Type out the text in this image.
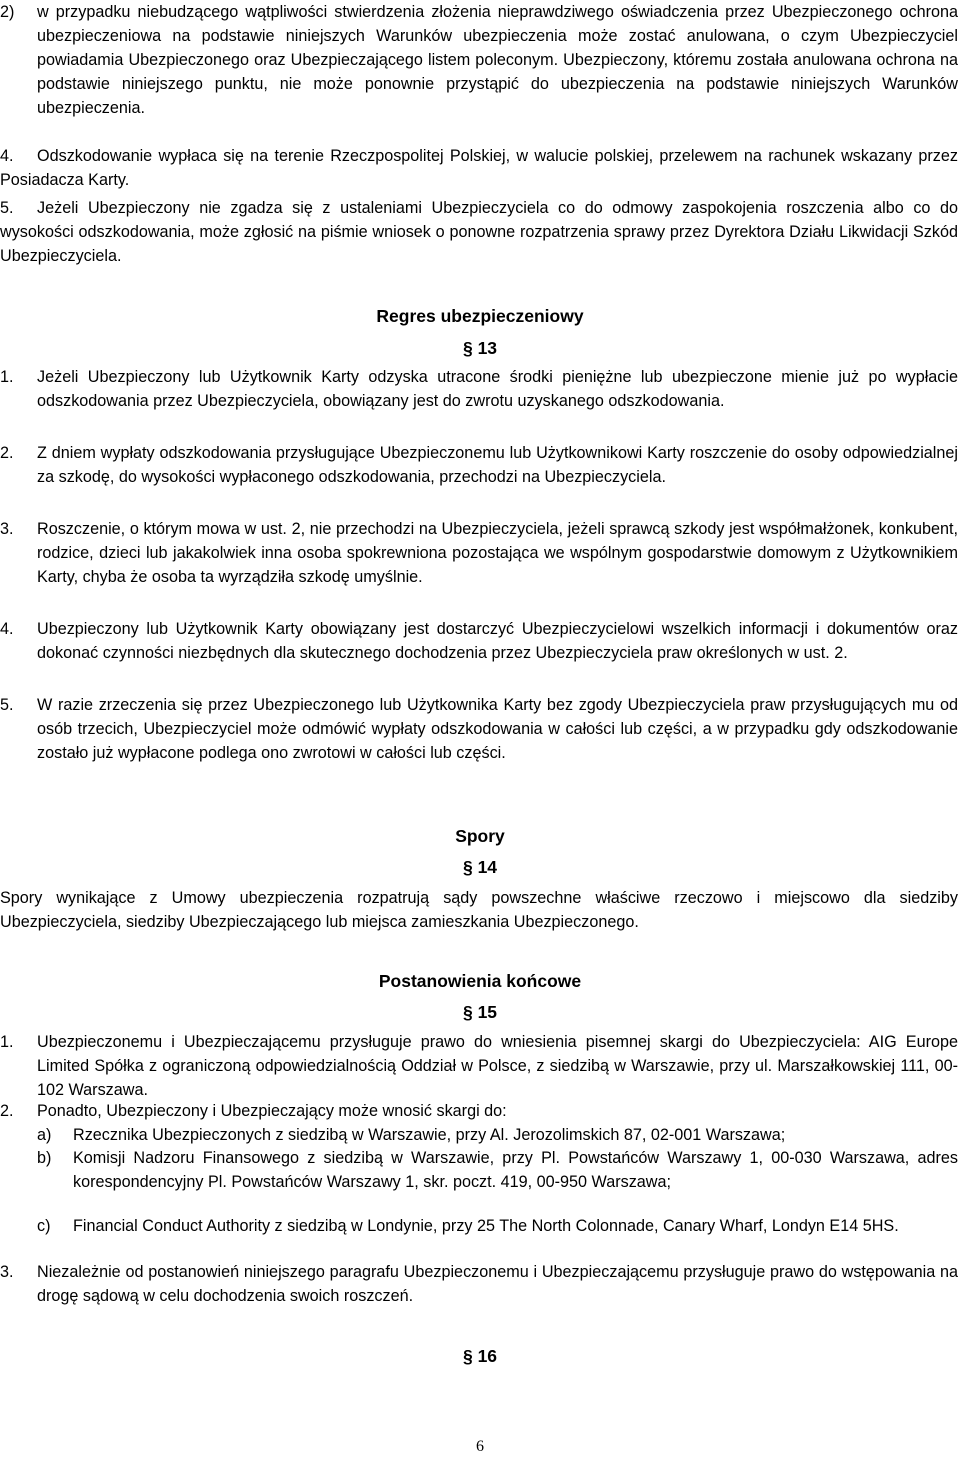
2)	w przypadku niebudzącego wątpliwości stwierdzenia złożenia nieprawdziwego oświadczenia przez Ubezpieczonego ochrona ubezpieczeniowa na podstawie niniejszych Warunków ubezpieczenia może zostać anulowana, o czym Ubezpieczyciel powiadamia Ubezpieczonego oraz Ubezpieczającego listem poleconym. Ubezpieczony, któremu została anulowana ochrona na podstawie niniejszego punktu, nie może ponownie przystąpić do ubezpieczenia na podstawie niniejszych Warunków ubezpieczenia.
4.	Odszkodowanie wypłaca się na terenie Rzeczpospolitej Polskiej, w walucie polskiej, przelewem na rachunek wskazany przez Posiadacza Karty.
5.	Jeżeli Ubezpieczony nie zgadza się z ustaleniami Ubezpieczyciela co do odmowy zaspokojenia roszczenia albo co do wysokości odszkodowania, może zgłosić na piśmie wniosek o ponowne rozpatrzenia sprawy przez Dyrektora Działu Likwidacji Szkód Ubezpieczyciela.
Regres ubezpieczeniowy
§ 13
1.	Jeżeli Ubezpieczony lub Użytkownik Karty odzyska utracone środki pieniężne lub ubezpieczone mienie już po wypłacie odszkodowania przez Ubezpieczyciela, obowiązany jest do zwrotu uzyskanego odszkodowania.
2.	Z dniem wypłaty odszkodowania przysługujące Ubezpieczonemu lub Użytkownikowi Karty roszczenie do osoby odpowiedzialnej za szkodę, do wysokości wypłaconego odszkodowania, przechodzi na Ubezpieczyciela.
3.	Roszczenie, o którym mowa w ust. 2, nie przechodzi na Ubezpieczyciela, jeżeli sprawcą szkody jest współmałżonek, konkubent, rodzice, dzieci lub jakakolwiek inna osoba spokrewniona pozostająca we wspólnym gospodarstwie domowym z Użytkownikiem Karty, chyba że osoba ta wyrządziła szkodę umyślnie.
4.	Ubezpieczony lub Użytkownik Karty obowiązany jest dostarczyć Ubezpieczycielowi wszelkich informacji i dokumentów oraz dokonać czynności niezbędnych dla skutecznego dochodzenia przez Ubezpieczyciela praw określonych w ust. 2.
5.	W razie zrzeczenia się przez Ubezpieczonego lub Użytkownika Karty bez zgody Ubezpieczyciela praw przysługujących mu od osób trzecich, Ubezpieczyciel może odmówić wypłaty odszkodowania w całości lub części, a w przypadku gdy odszkodowanie zostało już wypłacone podlega ono zwrotowi w całości lub części.
Spory
§ 14
Spory wynikające z Umowy ubezpieczenia rozpatrują sądy powszechne właściwe rzeczowo i miejscowo dla siedziby Ubezpieczyciela, siedziby Ubezpieczającego lub miejsca zamieszkania Ubezpieczonego.
Postanowienia końcowe
§ 15
1.	Ubezpieczonemu i Ubezpieczającemu przysługuje prawo do wniesienia pisemnej skargi do Ubezpieczyciela: AIG Europe Limited Spółka z ograniczoną odpowiedzialnością Oddział w Polsce, z siedzibą w Warszawie, przy ul. Marszałkowskiej 111, 00-102 Warszawa.
2.	Ponadto, Ubezpieczony i Ubezpieczający może wnosić skargi do:
a)	Rzecznika Ubezpieczonych z siedzibą w Warszawie, przy Al. Jerozolimskich 87, 02-001 Warszawa;
b)	Komisji Nadzoru Finansowego z siedzibą w Warszawie, przy Pl. Powstańców Warszawy 1, 00-030 Warszawa, adres korespondencyjny Pl. Powstańców Warszawy 1, skr. poczt. 419, 00-950 Warszawa;
c)	Financial Conduct Authority z siedzibą w Londynie, przy 25 The North Colonnade, Canary Wharf, Londyn E14 5HS.
3.	Niezależnie od postanowień niniejszego paragrafu Ubezpieczonemu i Ubezpieczającemu przysługuje prawo do wstępowania na drogę sądową w celu dochodzenia swoich roszczeń.
§ 16
6
